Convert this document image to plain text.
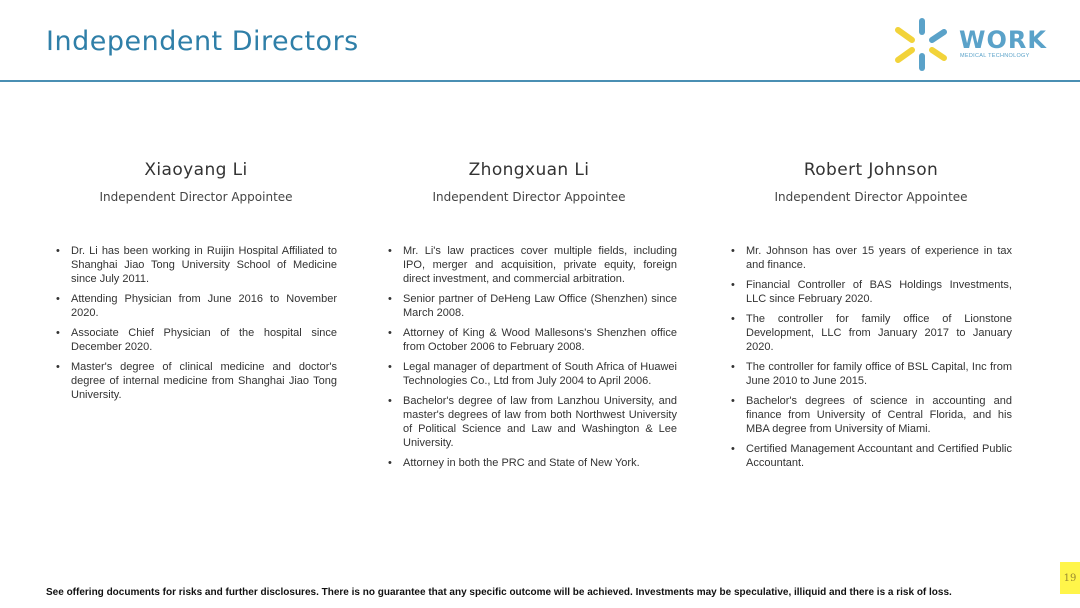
Independent Directors	WORK
MEDICAL TECHNOLOGY
Xiaoyang Li
Independent Director Appointee
• Dr. Li has been working in Ruijin Hospital Affiliated to Shanghai Jiao Tong University School of Medicine since July 2011.
• Attending Physician from June 2016 to November 2020.
• Associate Chief Physician of the hospital since December 2020.
• Master's degree of clinical medicine and doctor's degree of internal medicine from Shanghai Jiao Tong University.
Zhongxuan Li
Independent Director Appointee
• Mr. Li's law practices cover multiple fields, including IPO, merger and acquisition, private equity, foreign direct investment, and commercial arbitration.
• Senior partner of DeHeng Law Office (Shenzhen) since March 2008.
• Attorney of King & Wood Mallesons's Shenzhen office from October 2006 to February 2008.
• Legal manager of department of South Africa of Huawei Technologies Co., Ltd from July 2004 to April 2006.
• Bachelor's degree of law from Lanzhou University, and master's degrees of law from both Northwest University of Political Science and Law and Washington & Lee University.
• Attorney in both the PRC and State of New York.
Robert Johnson
Independent Director Appointee
• Mr. Johnson has over 15 years of experience in tax and finance.
• Financial Controller of BAS Holdings Investments, LLC since February 2020.
• The controller for family office of Lionstone Development, LLC from January 2017 to January 2020.
• The controller for family office of BSL Capital, Inc from June 2010 to June 2015.
• Bachelor's degrees of science in accounting and finance from University of Central Florida, and his MBA degree from University of Miami.
• Certified Management Accountant and Certified Public Accountant.
See offering documents for risks and further disclosures. There is no guarantee that any specific outcome will be achieved. Investments may be speculative, illiquid and there is a risk of loss.
19
